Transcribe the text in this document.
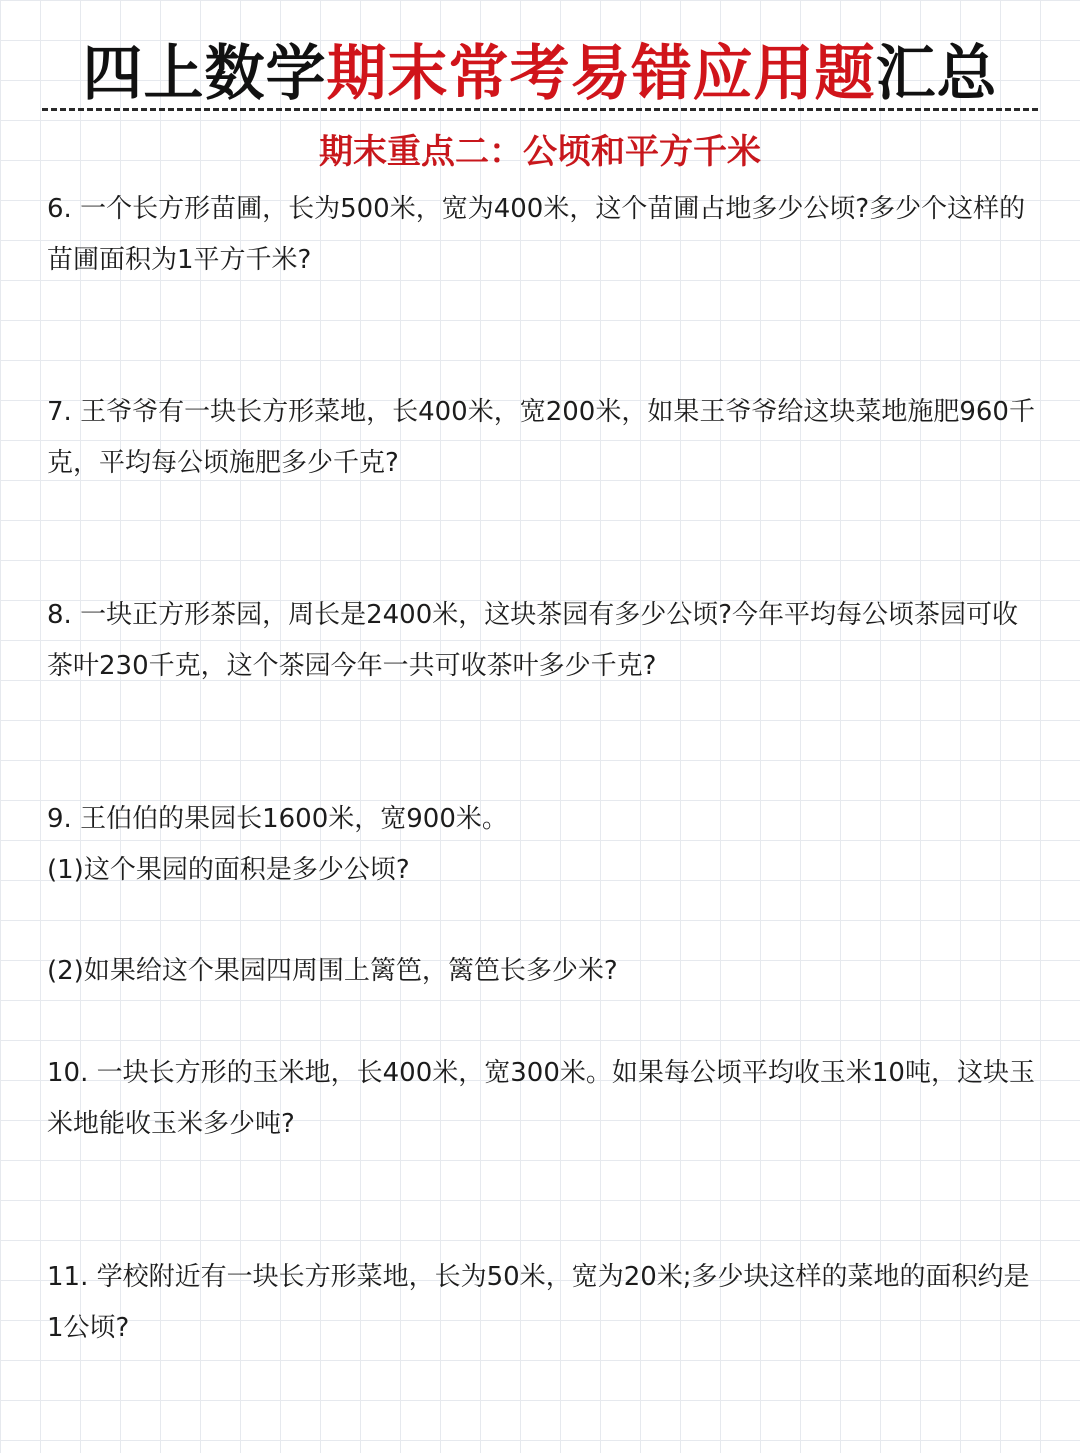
四上数学期末常考易错应用题汇总
期末重点二：公顷和平方千米
6. 一个长方形苗圃，长为500米，宽为400米，这个苗圃占地多少公顷?多少个这样的苗圃面积为1平方千米?
7. 王爷爷有一块长方形菜地，长400米，宽200米，如果王爷爷给这块菜地施肥960千克，平均每公顷施肥多少千克?
8. 一块正方形茶园，周长是2400米，这块茶园有多少公顷?今年平均每公顷茶园可收茶叶230千克，这个茶园今年一共可收茶叶多少千克?
9. 王伯伯的果园长1600米，宽900米。
(1)这个果园的面积是多少公顷?
(2)如果给这个果园四周围上篱笆，篱笆长多少米?
10. 一块长方形的玉米地，长400米，宽300米。如果每公顷平均收玉米10吨，这块玉米地能收玉米多少吨?
11. 学校附近有一块长方形菜地，长为50米，宽为20米;多少块这样的菜地的面积约是1公顷?
